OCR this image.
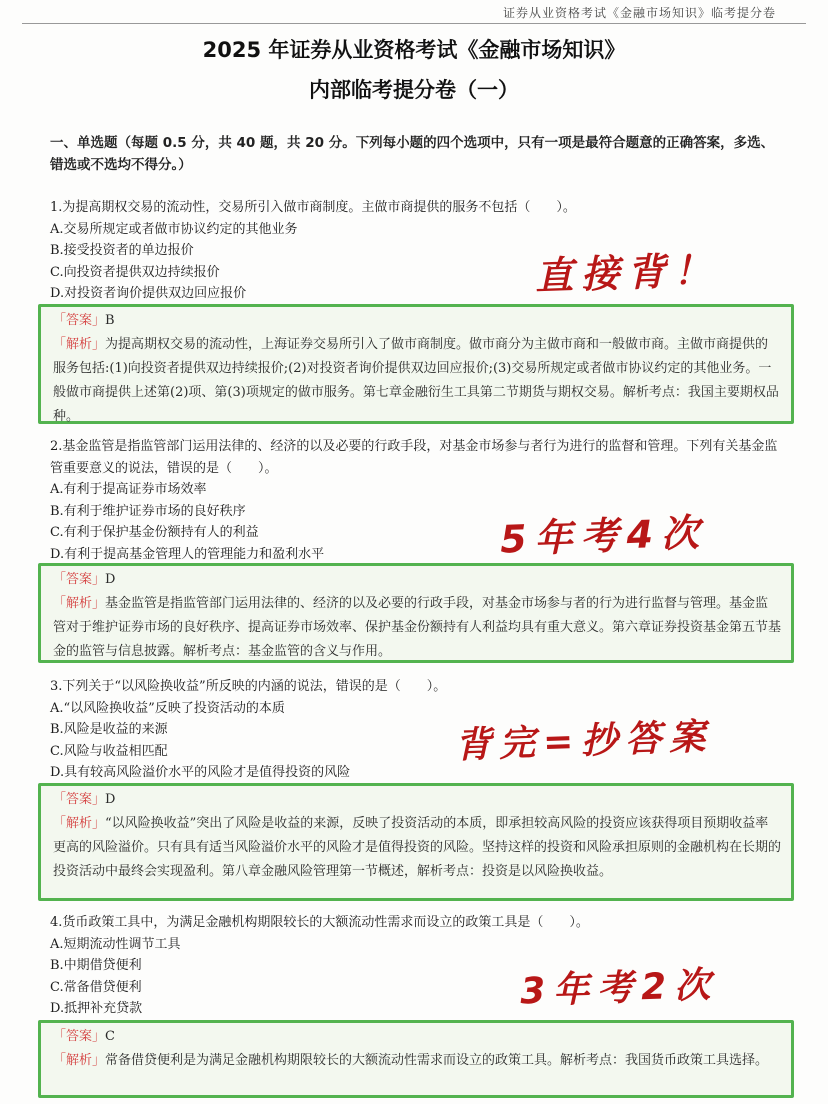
证券从业资格考试《金融市场知识》临考提分卷
2025 年证券从业资格考试《金融市场知识》
内部临考提分卷（一）
一、单选题（每题 0.5 分，共 40 题，共 20 分。下列每小题的四个选项中，只有一项是最符合题意的正确答案，多选、错选或不选均不得分。）
1.为提高期权交易的流动性，交易所引入做市商制度。主做市商提供的服务不包括（　　）。
A.交易所规定或者做市协议约定的其他业务
B.接受投资者的单边报价
C.向投资者提供双边持续报价
D.对投资者询价提供双边回应报价	直接背！
「答案」B
「解析」为提高期权交易的流动性，上海证券交易所引入了做市商制度。做市商分为主做市商和一般做市商。主做市商提供的服务包括:(1)向投资者提供双边持续报价;(2)对投资者询价提供双边回应报价;(3)交易所规定或者做市协议约定的其他业务。一般做市商提供上述第(2)项、第(3)项规定的做市服务。第七章金融衍生工具第二节期货与期权交易。解析考点：我国主要期权品种。
2.基金监管是指监管部门运用法律的、经济的以及必要的行政手段，对基金市场参与者行为进行的监督和管理。下列有关基金监管重要意义的说法，错误的是（　　）。
A.有利于提高证券市场效率
B.有利于维护证券市场的良好秩序
C.有利于保护基金份额持有人的利益
D.有利于提高基金管理人的管理能力和盈利水平	5年考4次
「答案」D
「解析」基金监管是指监管部门运用法律的、经济的以及必要的行政手段，对基金市场参与者的行为进行监督与管理。基金监管对于维护证券市场的良好秩序、提高证券市场效率、保护基金份额持有人利益均具有重大意义。第六章证券投资基金第五节基金的监管与信息披露。解析考点：基金监管的含义与作用。
3.下列关于“以风险换收益”所反映的内涵的说法，错误的是（　　）。
A.“以风险换收益”反映了投资活动的本质
B.风险是收益的来源
C.风险与收益相匹配
D.具有较高风险溢价水平的风险才是值得投资的风险
背完=抄答案
「答案」D
「解析」“以风险换收益”突出了风险是收益的来源，反映了投资活动的本质，即承担较高风险的投资应该获得项目预期收益率更高的风险溢价。只有具有适当风险溢价水平的风险才是值得投资的风险。坚持这样的投资和风险承担原则的金融机构在长期的投资活动中最终会实现盈利。第八章金融风险管理第一节概述，解析考点：投资是以风险换收益。
4.货币政策工具中，为满足金融机构期限较长的大额流动性需求而设立的政策工具是（　　）。
A.短期流动性调节工具
B.中期借贷便利
C.常备借贷便利
D.抵押补充贷款	3年考2次
「答案」C
「解析」常备借贷便利是为满足金融机构期限较长的大额流动性需求而设立的政策工具。解析考点：我国货币政策工具选择。
